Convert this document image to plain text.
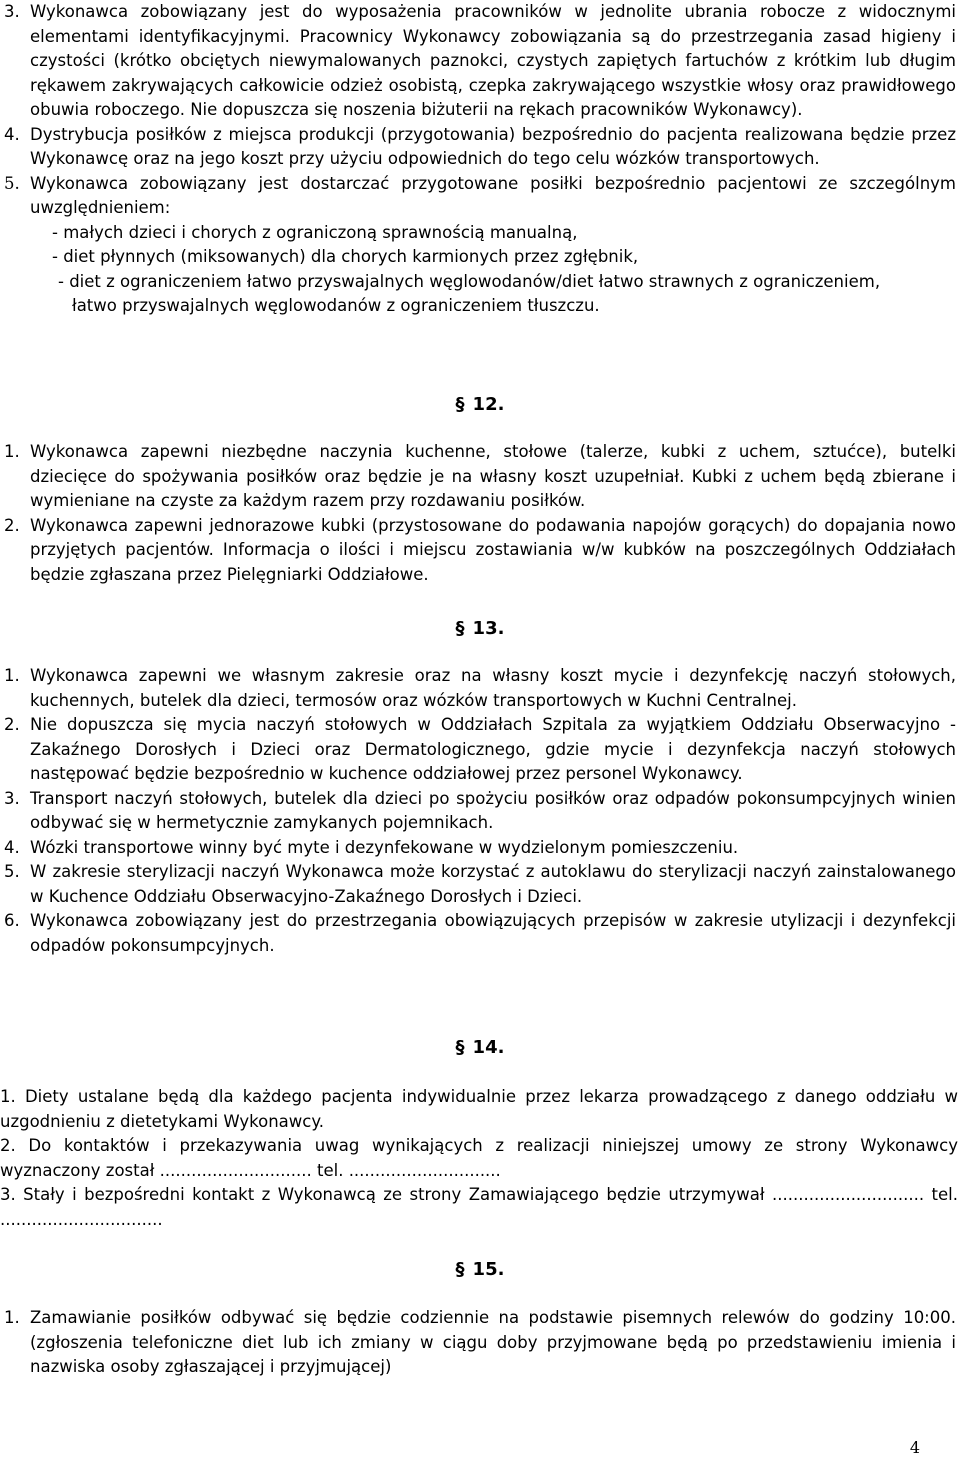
3. Wykonawca zobowiązany jest do wyposażenia pracowników w jednolite ubrania robocze z widocznymi elementami identyfikacyjnymi. Pracownicy Wykonawcy zobowiązania są do przestrzegania zasad higieny i czystości (krótko obciętych niewymalowanych paznokci, czystych zapiętych fartuchów z krótkim lub długim rękawem zakrywających całkowicie odzież osobistą, czepka zakrywającego wszystkie włosy oraz prawidłowego obuwia roboczego. Nie dopuszcza się noszenia biżuterii na rękach pracowników Wykonawcy).
4. Dystrybucja posiłków z miejsca produkcji (przygotowania) bezpośrednio do pacjenta realizowana będzie przez Wykonawcę oraz na jego koszt przy użyciu odpowiednich do tego celu wózków transportowych.
5. Wykonawca zobowiązany jest dostarczać przygotowane posiłki bezpośrednio pacjentowi ze szczególnym uwzględnieniem:
- małych dzieci i chorych z ograniczoną sprawnością manualną,
- diet płynnych (miksowanych) dla chorych karmionych przez zgłębnik,
- diet z ograniczeniem łatwo przyswajalnych węglowodanów/diet łatwo strawnych z ograniczeniem,
łatwo przyswajalnych węglowodanów z ograniczeniem tłuszczu.
§ 12.
1. Wykonawca zapewni niezbędne naczynia kuchenne, stołowe (talerze, kubki z uchem, sztućce), butelki dziecięce do spożywania posiłków oraz będzie je na własny koszt uzupełniał. Kubki z uchem będą zbierane i wymieniane na czyste za każdym razem przy rozdawaniu posiłków.
2. Wykonawca zapewni jednorazowe kubki (przystosowane do podawania napojów gorących) do dopajania nowo przyjętych pacjentów. Informacja o ilości i miejscu zostawiania w/w kubków na poszczególnych Oddziałach będzie zgłaszana przez Pielęgniarki Oddziałowe.
§ 13.
1. Wykonawca zapewni we własnym zakresie oraz na własny koszt mycie i dezynfekcję naczyń stołowych, kuchennych, butelek dla dzieci, termosów oraz wózków transportowych w Kuchni Centralnej.
2. Nie dopuszcza się mycia naczyń stołowych w Oddziałach Szpitala za wyjątkiem Oddziału Obserwacyjno - Zakaźnego Dorosłych i Dzieci oraz Dermatologicznego, gdzie mycie i dezynfekcja naczyń stołowych następować będzie bezpośrednio w kuchence oddziałowej przez personel Wykonawcy.
3. Transport naczyń stołowych, butelek dla dzieci po spożyciu posiłków oraz odpadów pokonsumpcyjnych winien odbywać się w hermetycznie zamykanych pojemnikach.
4. Wózki transportowe winny być myte i dezynfekowane w wydzielonym pomieszczeniu.
5. W zakresie sterylizacji naczyń Wykonawca może korzystać z autoklawu do sterylizacji naczyń zainstalowanego w Kuchence Oddziału Obserwacyjno-Zakaźnego Dorosłych i Dzieci.
6. Wykonawca zobowiązany jest do przestrzegania obowiązujących przepisów w zakresie utylizacji i dezynfekcji odpadów pokonsumpcyjnych.
§ 14.
1. Diety ustalane będą dla każdego pacjenta indywidualnie przez lekarza prowadzącego z danego oddziału w uzgodnieniu z dietetykami Wykonawcy.
2. Do kontaktów i przekazywania uwag wynikających z realizacji niniejszej umowy ze strony Wykonawcy wyznaczony został ............................. tel. .............................
3. Stały i bezpośredni kontakt z Wykonawcą ze strony Zamawiającego będzie utrzymywał ............................. tel. ...............................
§ 15.
1. Zamawianie posiłków odbywać się będzie codziennie na podstawie pisemnych relewów do godziny 10:00. (zgłoszenia telefoniczne diet lub ich zmiany w ciągu doby przyjmowane będą po przedstawieniu imienia i nazwiska osoby zgłaszającej i przyjmującej)
4
